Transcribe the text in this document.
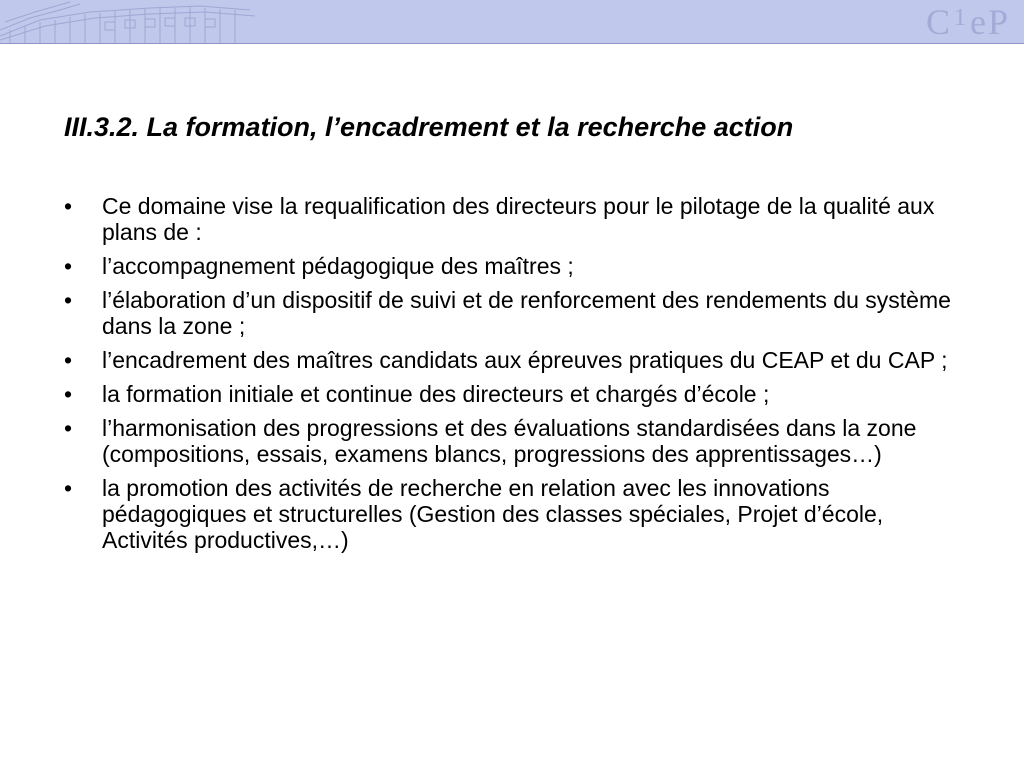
$C^1eP$
III.3.2. La formation, l’encadrement et la recherche action
•	Ce domaine vise la requalification des directeurs pour le pilotage de la qualité aux plans de :
•	l’accompagnement pédagogique des maîtres ;
•	l’élaboration d’un dispositif de suivi et de renforcement des rendements du système dans la zone ;
•	l’encadrement des maîtres candidats aux épreuves pratiques du CEAP et du CAP ;
•	la formation initiale et continue des directeurs et chargés d’école ;
•	l’harmonisation des progressions et des évaluations standardisées dans la zone (compositions, essais, examens blancs, progressions des apprentissages…)
•	la promotion des activités de recherche en relation avec les innovations pédagogiques et structurelles (Gestion des classes spéciales, Projet d’école, Activités productives,…)
